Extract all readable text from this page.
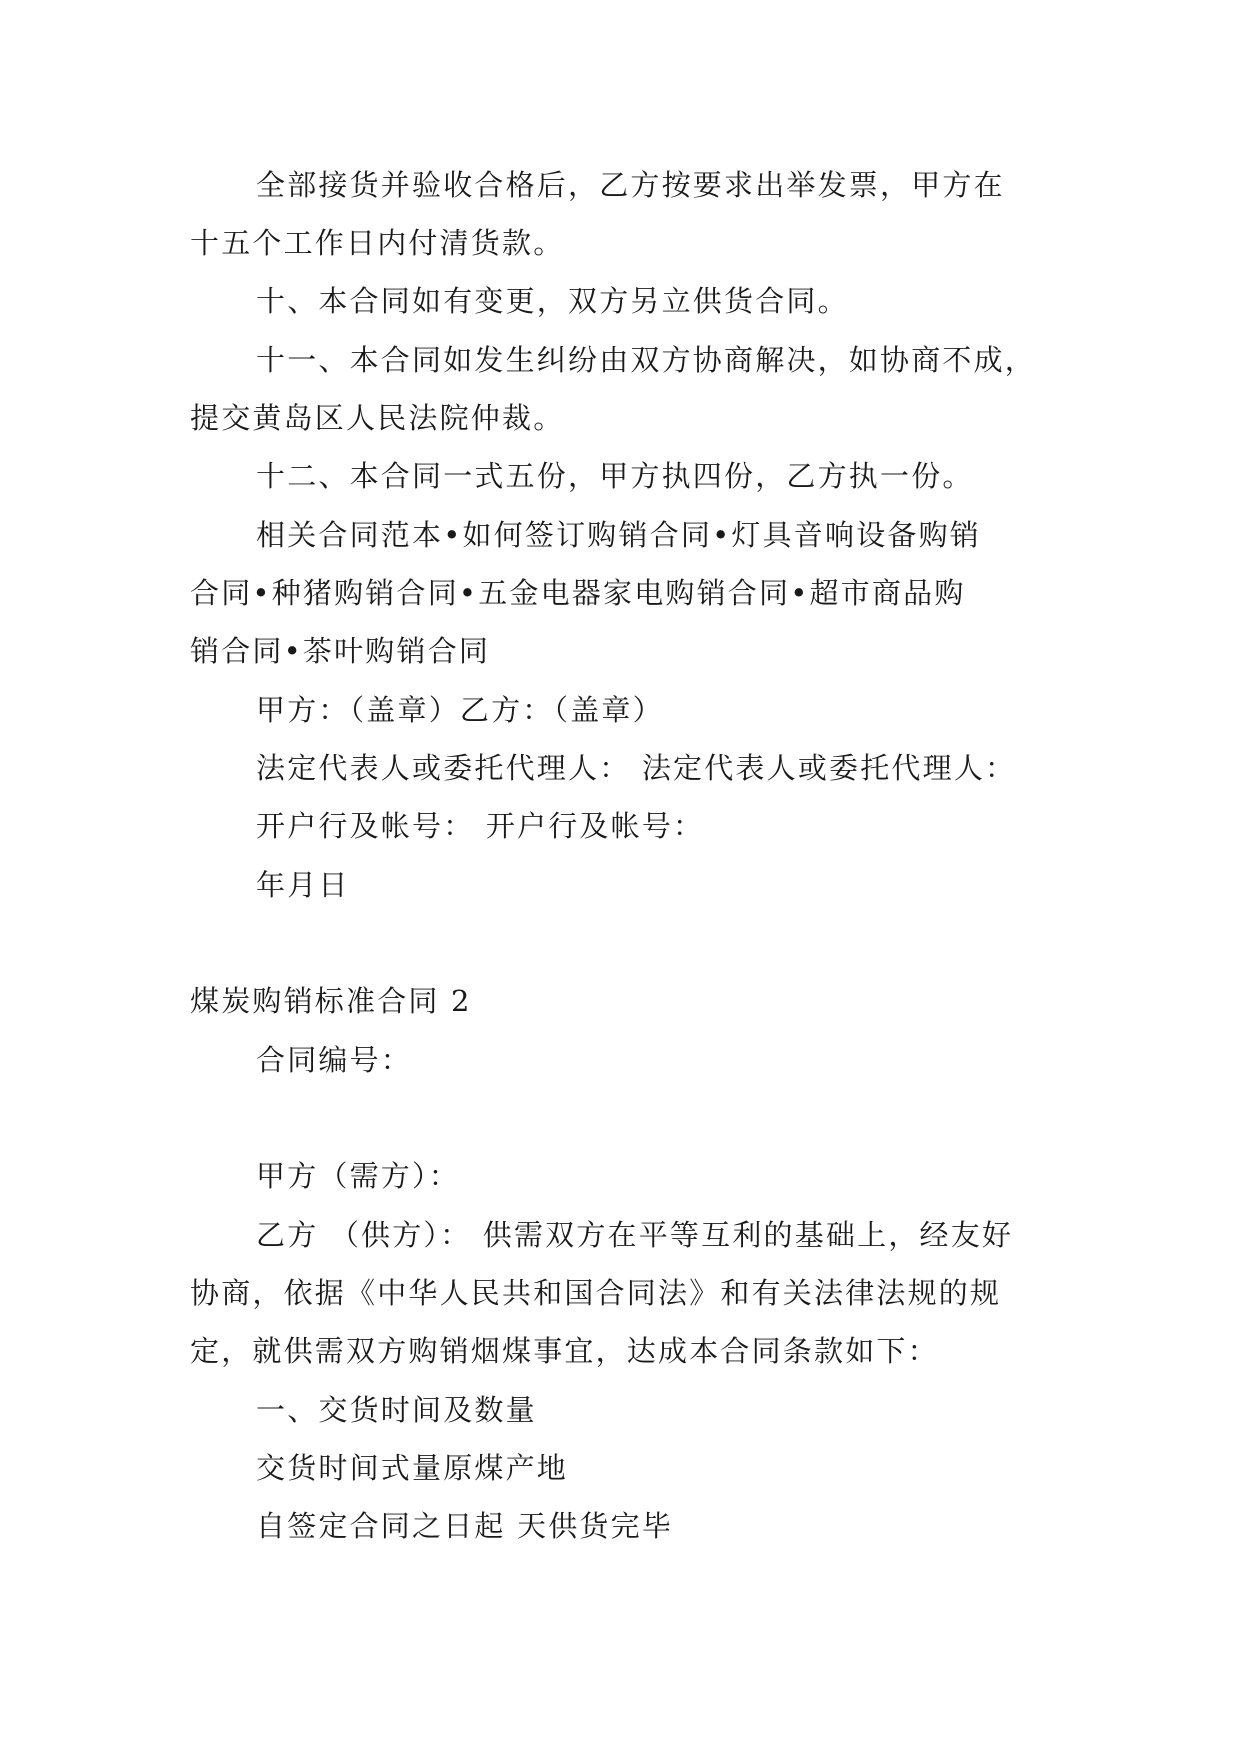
全部接货并验收合格后，乙方按要求出举发票，甲方在
十五个工作日内付清货款。
十、本合同如有变更，双方另立供货合同。
十一、本合同如发生纠纷由双方协商解决，如协商不成，
提交黄岛区人民法院仲裁。
十二、本合同一式五份，甲方执四份，乙方执一份。
相关合同范本•如何签订购销合同•灯具音响设备购销
合同•种猪购销合同•五金电器家电购销合同•超市商品购
销合同•茶叶购销合同
甲方：（盖章）乙方：（盖章）
法定代表人或委托代理人： 法定代表人或委托代理人：
开户行及帐号： 开户行及帐号：
年月日
煤炭购销标准合同 2
合同编号：
甲方（需方）：
乙方 （供方）： 供需双方在平等互利的基础上，经友好
协商，依据《中华人民共和国合同法》和有关法律法规的规
定，就供需双方购销烟煤事宜，达成本合同条款如下：
一、交货时间及数量
交货时间式量原煤产地
自签定合同之日起 天供货完毕
